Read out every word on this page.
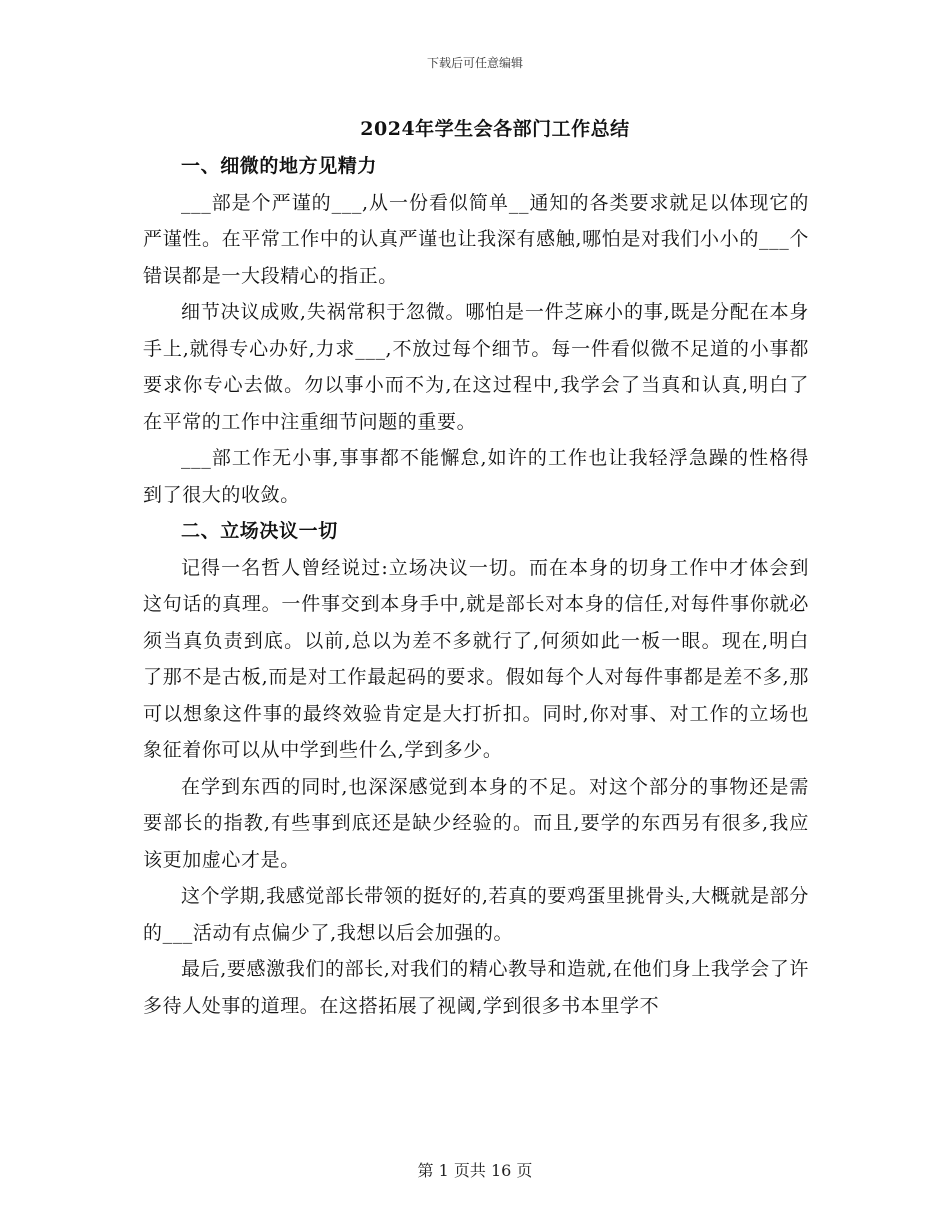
下载后可任意编辑
2024年学生会各部门工作总结
一、细微的地方见精力

___部是个严谨的___,从一份看似简单__通知的各类要求就足以体现它的严谨性。在平常工作中的认真严谨也让我深有感触,哪怕是对我们小小的___个错误都是一大段精心的指正。

细节决议成败,失祸常积于忽微。哪怕是一件芝麻小的事,既是分配在本身手上,就得专心办好,力求___,不放过每个细节。每一件看似微不足道的小事都要求你专心去做。勿以事小而不为,在这过程中,我学会了当真和认真,明白了在平常的工作中注重细节问题的重要。

___部工作无小事,事事都不能懈怠,如许的工作也让我轻浮急躁的性格得到了很大的收敛。

二、立场决议一切

记得一名哲人曾经说过:立场决议一切。而在本身的切身工作中才体会到这句话的真理。一件事交到本身手中,就是部长对本身的信任,对每件事你就必须当真负责到底。以前,总以为差不多就行了,何须如此一板一眼。现在,明白了那不是古板,而是对工作最起码的要求。假如每个人对每件事都是差不多,那可以想象这件事的最终效验肯定是大打折扣。同时,你对事、对工作的立场也象征着你可以从中学到些什么,学到多少。

在学到东西的同时,也深深感觉到本身的不足。对这个部分的事物还是需要部长的指教,有些事到底还是缺少经验的。而且,要学的东西另有很多,我应该更加虚心才是。

这个学期,我感觉部长带领的挺好的,若真的要鸡蛋里挑骨头,大概就是部分的___活动有点偏少了,我想以后会加强的。

最后,要感激我们的部长,对我们的精心教导和造就,在他们身上我学会了许多待人处事的道理。在这搭拓展了视阈,学到很多书本里学不

第 1 页共 16 页
